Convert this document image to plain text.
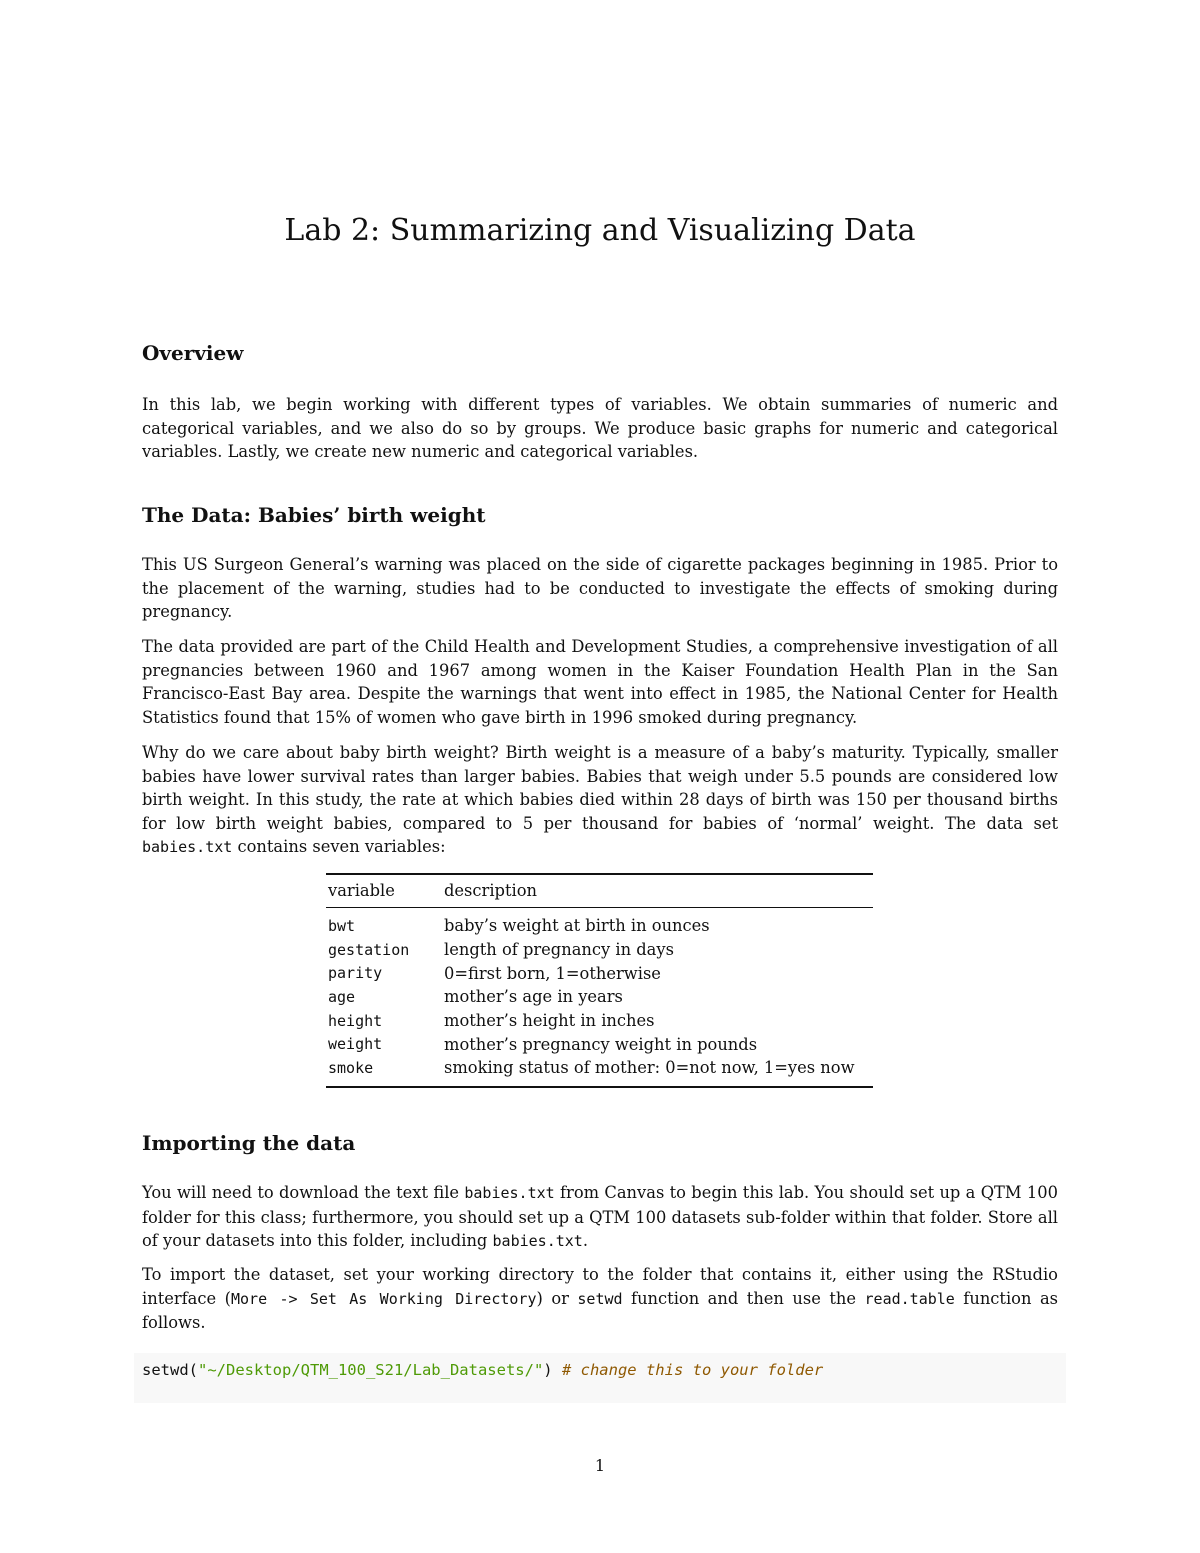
Lab 2: Summarizing and Visualizing Data
Overview

In this lab, we begin working with different types of variables. We obtain summaries of numeric and categorical variables, and we also do so by groups. We produce basic graphs for numeric and categorical variables. Lastly, we create new numeric and categorical variables.

The Data: Babies’ birth weight

This US Surgeon General’s warning was placed on the side of cigarette packages beginning in 1985. Prior to the placement of the warning, studies had to be conducted to investigate the effects of smoking during pregnancy.

The data provided are part of the Child Health and Development Studies, a comprehensive investigation of all pregnancies between 1960 and 1967 among women in the Kaiser Foundation Health Plan in the San Francisco-East Bay area. Despite the warnings that went into effect in 1985, the National Center for Health Statistics found that 15% of women who gave birth in 1996 smoked during pregnancy.

Why do we care about baby birth weight? Birth weight is a measure of a baby’s maturity. Typically, smaller babies have lower survival rates than larger babies. Babies that weigh under 5.5 pounds are considered low birth weight. In this study, the rate at which babies died within 28 days of birth was 150 per thousand births for low birth weight babies, compared to 5 per thousand for babies of ‘normal’ weight. The data set babies.txt contains seven variables:

variable	description
bwt	baby’s weight at birth in ounces
gestation	length of pregnancy in days
parity	0=first born, 1=otherwise
age	mother’s age in years
height	mother’s height in inches
weight	mother’s pregnancy weight in pounds
smoke	smoking status of mother: 0=not now, 1=yes now
Importing the data

You will need to download the text file babies.txt from Canvas to begin this lab. You should set up a QTM 100 folder for this class; furthermore, you should set up a QTM 100 datasets sub-folder within that folder. Store all of your datasets into this folder, including babies.txt.

To import the dataset, set your working directory to the folder that contains it, either using the RStudio interface (More -> Set As Working Directory) or setwd function and then use the read.table function as follows.

setwd("~/Desktop/QTM_100_S21/Lab_Datasets/") # change this to your folder
1
